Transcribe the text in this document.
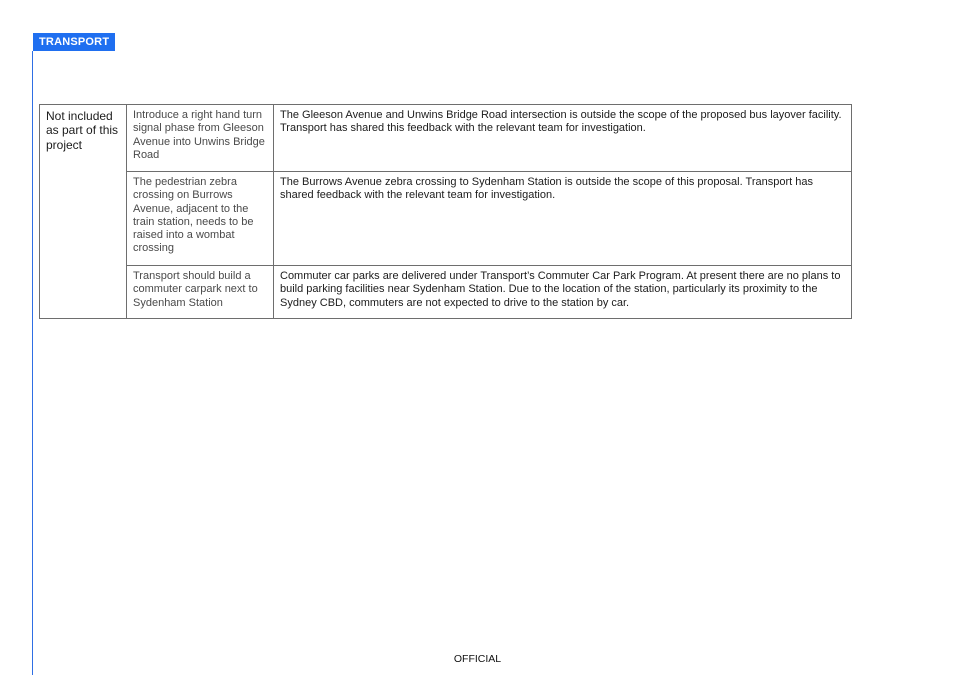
TRANSPORT
Not included as part of this project	Introduce a right hand turn signal phase from Gleeson Avenue into Unwins Bridge Road	The Gleeson Avenue and Unwins Bridge Road intersection is outside the scope of the proposed bus layover facility. Transport has shared this feedback with the relevant team for investigation.
	The pedestrian zebra crossing on Burrows Avenue, adjacent to the train station, needs to be raised into a wombat crossing	The Burrows Avenue zebra crossing to Sydenham Station is outside the scope of this proposal. Transport has shared feedback with the relevant team for investigation.
	Transport should build a commuter carpark next to Sydenham Station	Commuter car parks are delivered under Transport’s Commuter Car Park Program. At present there are no plans to build parking facilities near Sydenham Station. Due to the location of the station, particularly its proximity to the Sydney CBD, commuters are not expected to drive to the station by car.
OFFICIAL
